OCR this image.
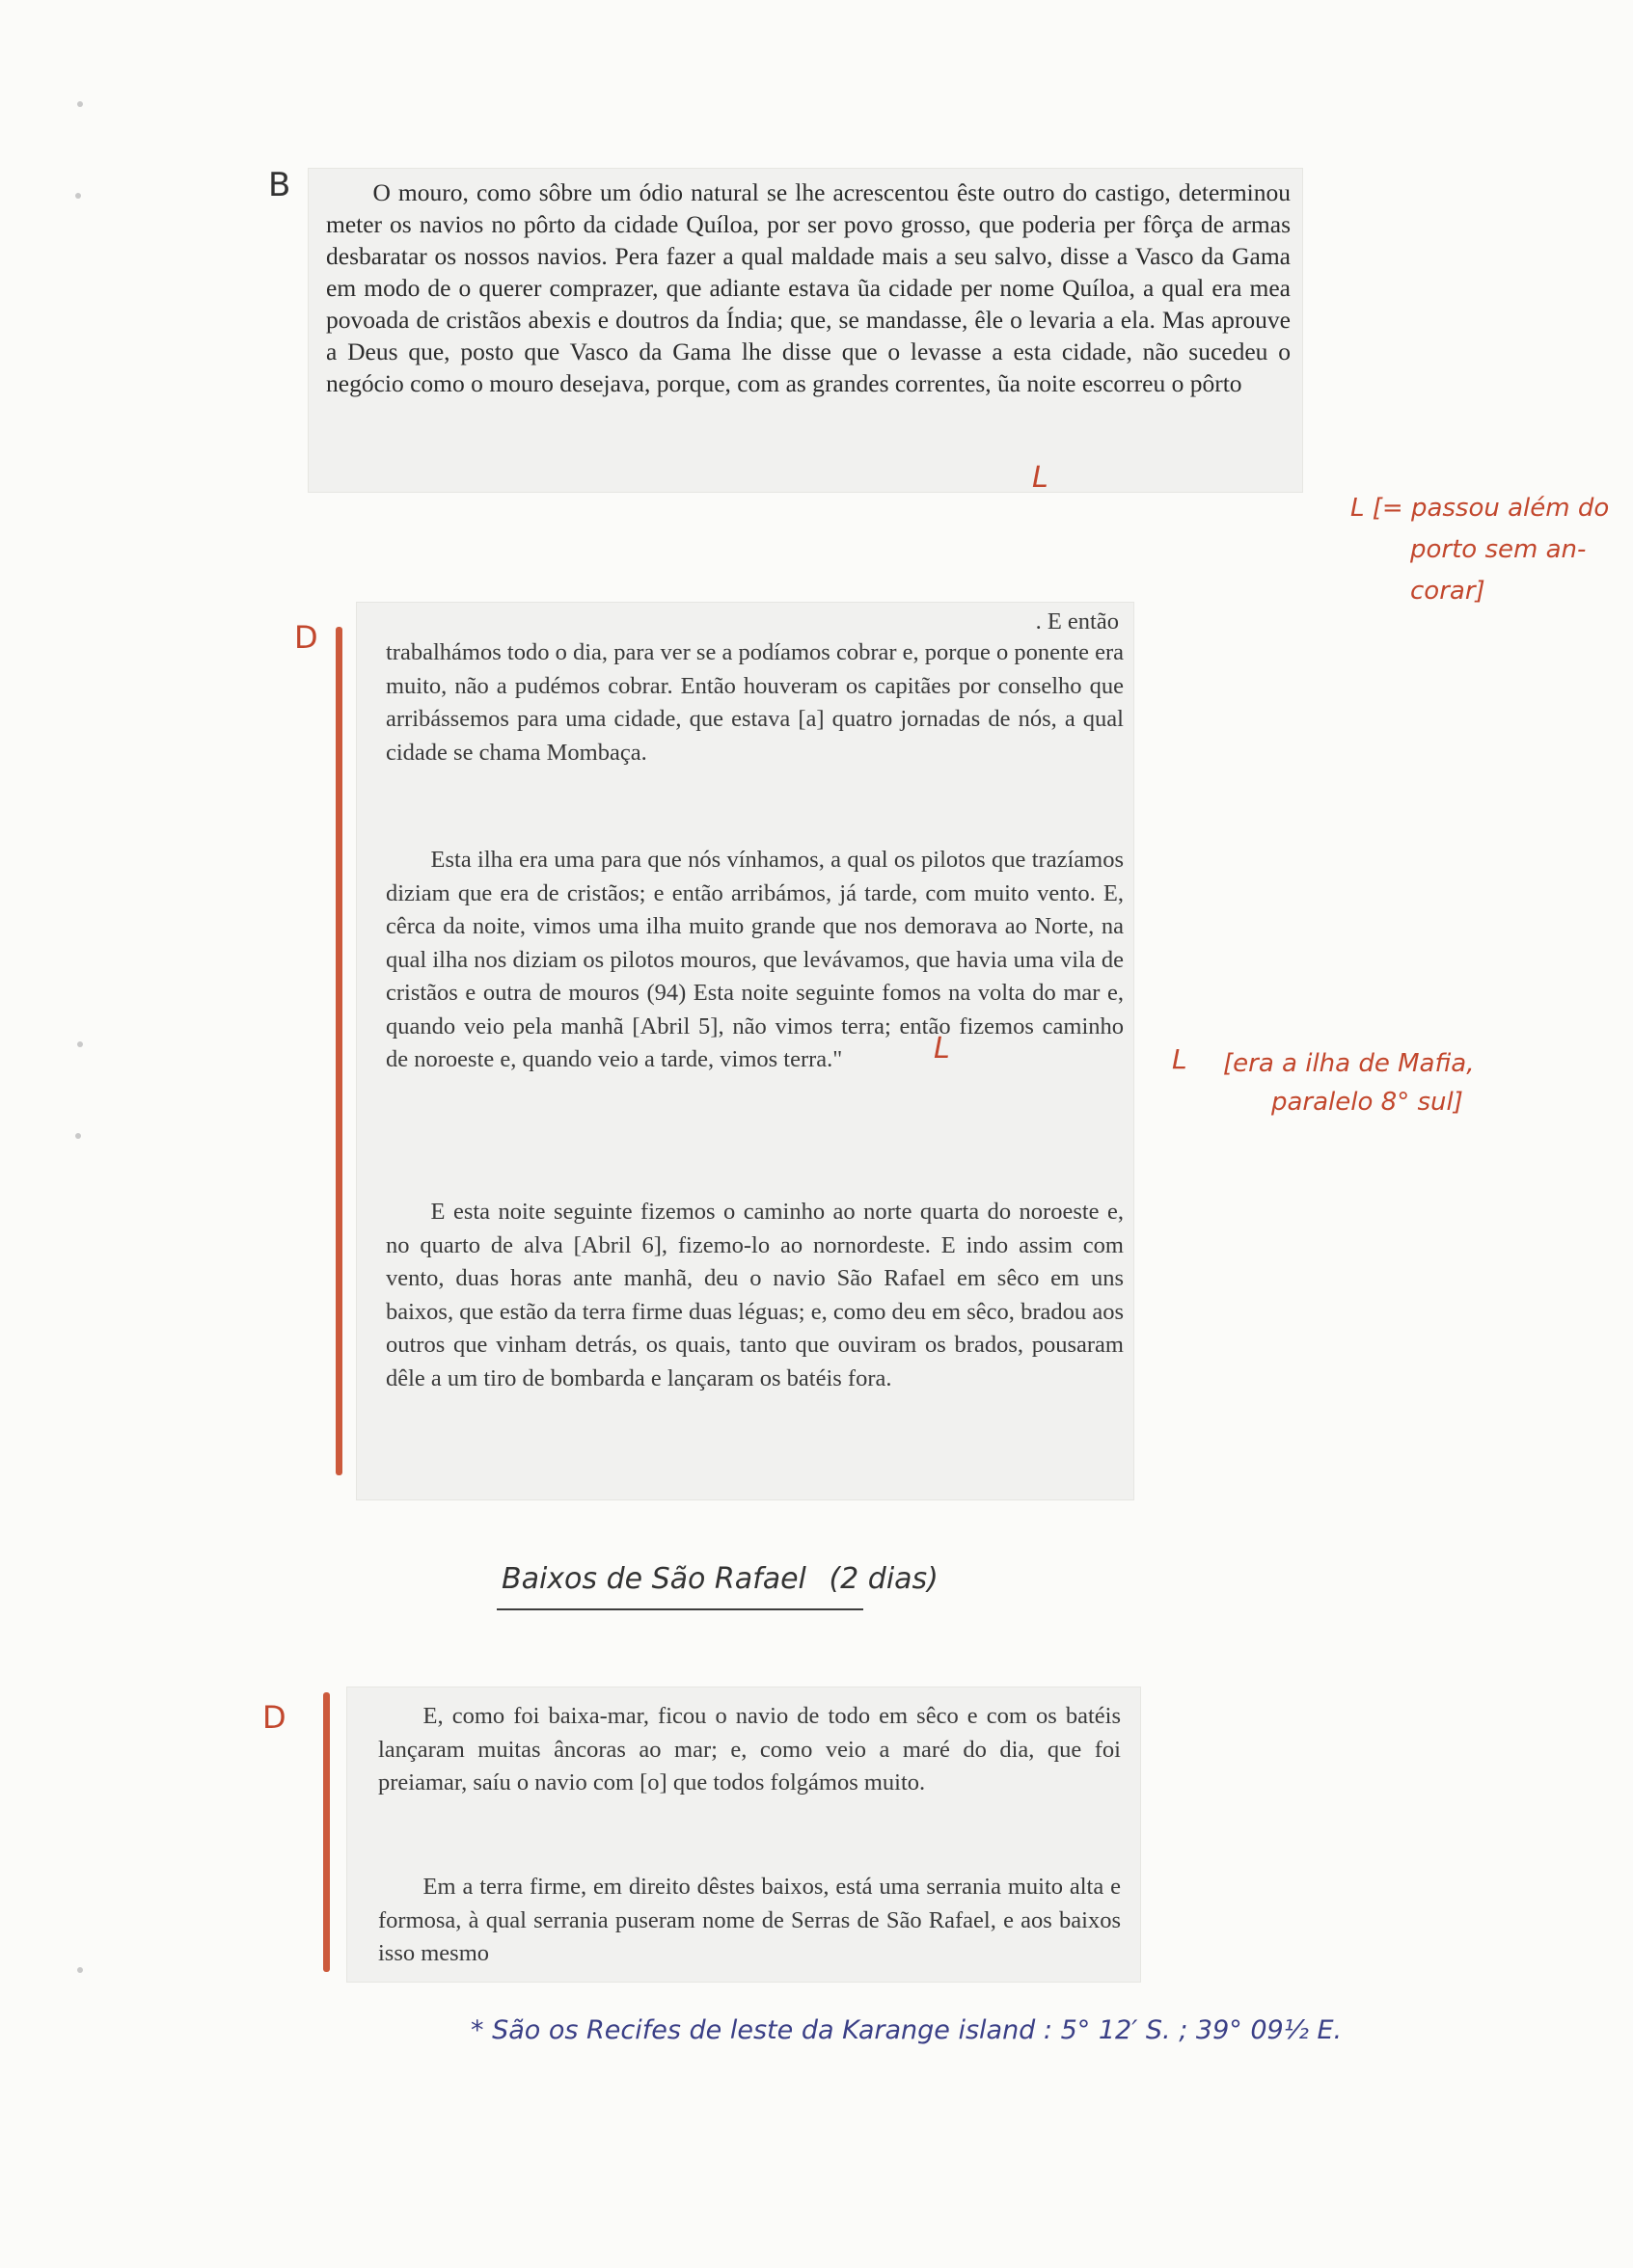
B	O mouro, como sôbre um ódio natural se lhe acrescentou êste outro do castigo, determinou meter os navios no pôrto da cidade Quíloa, por ser povo grosso, que poderia per fôrça de armas desbaratar os nossos navios. Pera fazer a qual maldade mais a seu salvo, disse a Vasco da Gama em modo de o querer comprazer, que adiante estava ũa cidade per nome Quíloa, a qual era mea povoada de cristãos abexis e doutros da Índia; que, se mandasse, êle o levaria a ela. Mas aprouve a Deus que, posto que Vasco da Gama lhe disse que o levasse a esta cidade, não sucedeu o negócio como o mouro desejava, porque, com as grandes correntes, ũa noite escorreu o pôrto

L
L [= passou além do
porto sem an-
corar]
D	. E então

trabalhámos todo o dia, para ver se a podíamos cobrar e, porque o ponente era muito, não a pudémos cobrar. Então houveram os capitães por conselho que arribássemos para uma cidade, que estava [a] quatro jornadas de nós, a qual cidade se chama Mombaça.

Esta ilha era uma para que nós vínhamos, a qual os pilotos que trazíamos diziam que era de cristãos; e então arribámos, já tarde, com muito vento. E, cêrca da noite, vimos uma ilha muito grande que nos demorava ao Norte, na qual ilha nos diziam os pilotos mouros, que levávamos, que havia uma vila de cristãos e outra de mouros (94) Esta noite seguinte fomos na volta do mar e, quando veio pela manhã [Abril 5], não vimos terra; então fizemos caminho de noroeste e, quando veio a tarde, vimos terra."	L

E esta noite seguinte fizemos o caminho ao norte quarta do noroeste e, no quarto de alva [Abril 6], fizemo-lo ao nornordeste. E indo assim com vento, duas horas ante manhã, deu o navio São Rafael em sêco em uns baixos, que estão da terra firme duas léguas; e, como deu em sêco, bradou aos outros que vinham detrás, os quais, tanto que ouviram os brados, pousaram dêle a um tiro de bombarda e lançaram os batéis fora.

L [era a ilha de Mafia,
paralelo 8° sul]
Baixos de São Rafael (2 dias)
D	E, como foi baixa-mar, ficou o navio de todo em sêco e com os batéis lançaram muitas âncoras ao mar; e, como veio a maré do dia, que foi preiamar, saíu o navio com [o] que todos folgámos muito.

Em a terra firme, em direito dêstes baixos, está uma serrania muito alta e formosa, à qual serrania puseram nome de Serras de São Rafael, e aos baixos isso mesmo

* São os Recifes de leste da Karange island : 5° 12′ S. ; 39° 09½ E.
